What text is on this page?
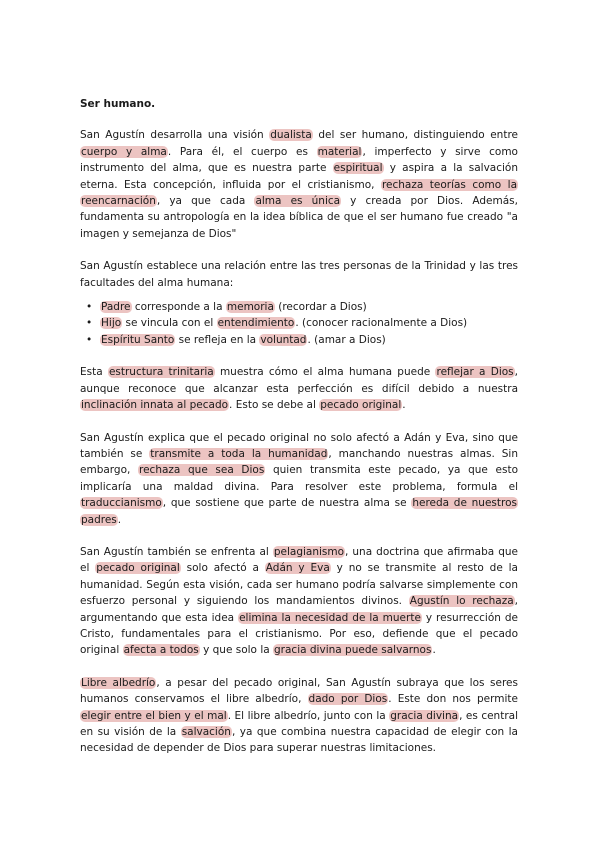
Ser humano.

San Agustín desarrolla una visión dualista del ser humano, distinguiendo entre cuerpo y alma. Para él, el cuerpo es material, imperfecto y sirve como instrumento del alma, que es nuestra parte espiritual y aspira a la salvación eterna. Esta concepción, influida por el cristianismo, rechaza teorías como la reencarnación, ya que cada alma es única y creada por Dios. Además, fundamenta su antropología en la idea bíblica de que el ser humano fue creado "a imagen y semejanza de Dios"

San Agustín establece una relación entre las tres personas de la Trinidad y las tres facultades del alma humana:

• Padre corresponde a la memoria (recordar a Dios)
• Hijo se vincula con el entendimiento. (conocer racionalmente a Dios)
• Espíritu Santo se refleja en la voluntad. (amar a Dios)

Esta estructura trinitaria muestra cómo el alma humana puede reflejar a Dios, aunque reconoce que alcanzar esta perfección es difícil debido a nuestra inclinación innata al pecado. Esto se debe al pecado original.

San Agustín explica que el pecado original no solo afectó a Adán y Eva, sino que también se transmite a toda la humanidad, manchando nuestras almas. Sin embargo, rechaza que sea Dios quien transmita este pecado, ya que esto implicaría una maldad divina. Para resolver este problema, formula el traduccianismo, que sostiene que parte de nuestra alma se hereda de nuestros padres.

San Agustín también se enfrenta al pelagianismo, una doctrina que afirmaba que el pecado original solo afectó a Adán y Eva y no se transmite al resto de la humanidad. Según esta visión, cada ser humano podría salvarse simplemente con esfuerzo personal y siguiendo los mandamientos divinos. Agustín lo rechaza, argumentando que esta idea elimina la necesidad de la muerte y resurrección de Cristo, fundamentales para el cristianismo. Por eso, defiende que el pecado original afecta a todos y que solo la gracia divina puede salvarnos.

Libre albedrío, a pesar del pecado original, San Agustín subraya que los seres humanos conservamos el libre albedrío, dado por Dios. Este don nos permite elegir entre el bien y el mal. El libre albedrío, junto con la gracia divina, es central en su visión de la salvación, ya que combina nuestra capacidad de elegir con la necesidad de depender de Dios para superar nuestras limitaciones.
